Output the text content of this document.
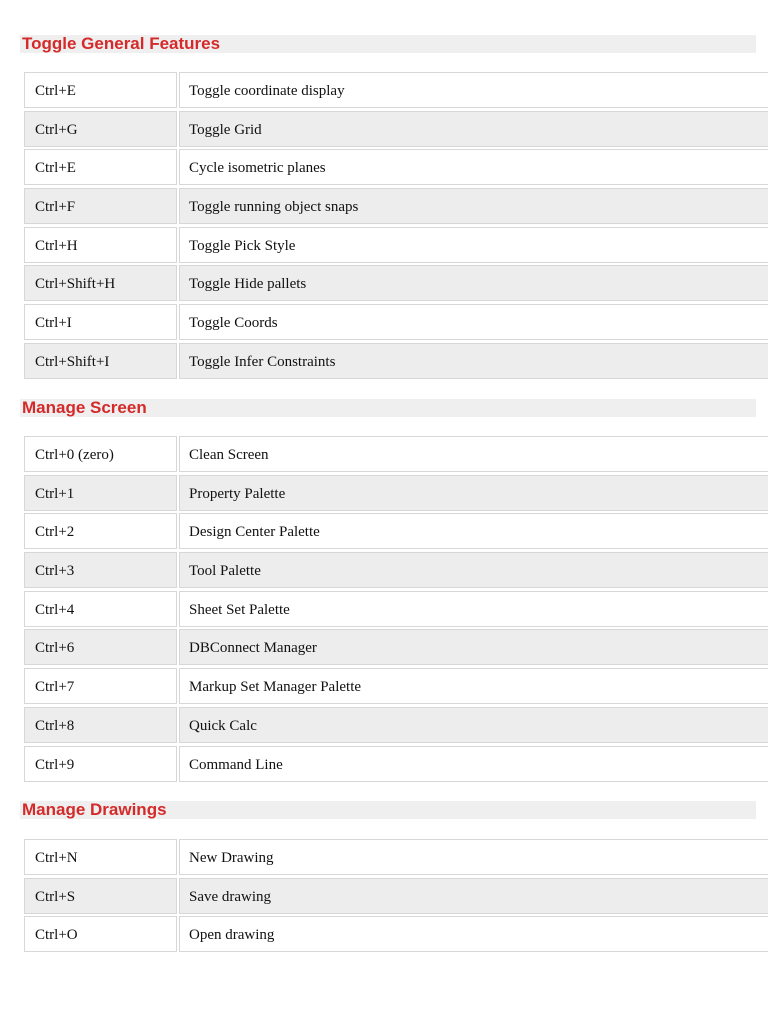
Toggle General Features
Ctrl+E	Toggle coordinate display
Ctrl+G	Toggle Grid
Ctrl+E	Cycle isometric planes
Ctrl+F	Toggle running object snaps
Ctrl+H	Toggle Pick Style
Ctrl+Shift+H	Toggle Hide pallets
Ctrl+I	Toggle Coords
Ctrl+Shift+I	Toggle Infer Constraints
Manage Screen
Ctrl+0 (zero)	Clean Screen
Ctrl+1	Property Palette
Ctrl+2	Design Center Palette
Ctrl+3	Tool Palette
Ctrl+4	Sheet Set Palette
Ctrl+6	DBConnect Manager
Ctrl+7	Markup Set Manager Palette
Ctrl+8	Quick Calc
Ctrl+9	Command Line
Manage Drawings
Ctrl+N	New Drawing
Ctrl+S	Save drawing
Ctrl+O	Open drawing
